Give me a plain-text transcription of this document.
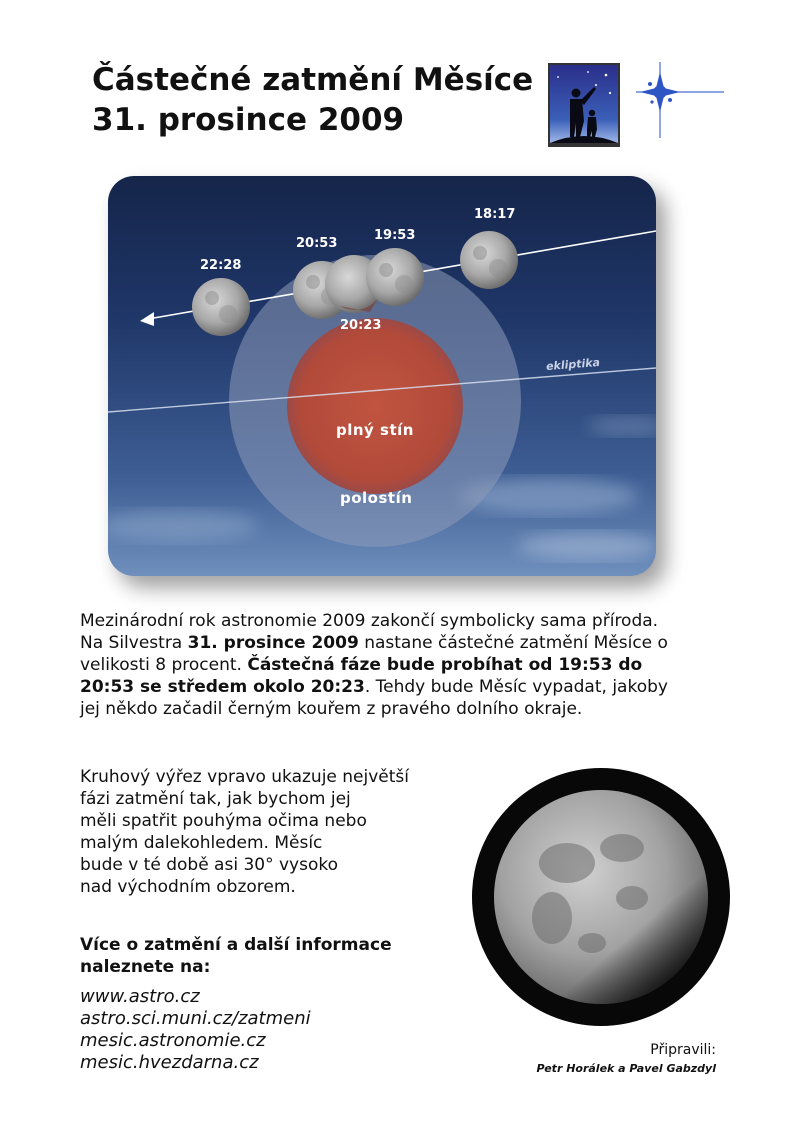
Částečné zatmění Měsíce
31. prosince 2009
22:28
20:53
19:53
18:17
20:23
ekliptika
plný stín
polostín

Mezinárodní rok astronomie 2009 zakončí symbolicky sama příroda. Na Silvestra 31. prosince 2009 nastane částečné zatmění Měsíce o velikosti 8 procent. Částečná fáze bude probíhat od 19:53 do 20:53 se středem okolo 20:23. Tehdy bude Měsíc vypadat, jakoby jej někdo začadil černým kouřem z pravého dolního okraje.

Kruhový výřez vpravo ukazuje největší
fázi zatmění tak, jak bychom jej
měli spatřit pouhýma očima nebo
malým dalekohledem. Měsíc
bude v té době asi 30° vysoko
nad východním obzorem.

Více o zatmění a další informace
naleznete na:

www.astro.cz
astro.sci.muni.cz/zatmeni
mesic.astronomie.cz
mesic.hvezdarna.cz
Připravili:
Petr Horálek a Pavel Gabzdyl
